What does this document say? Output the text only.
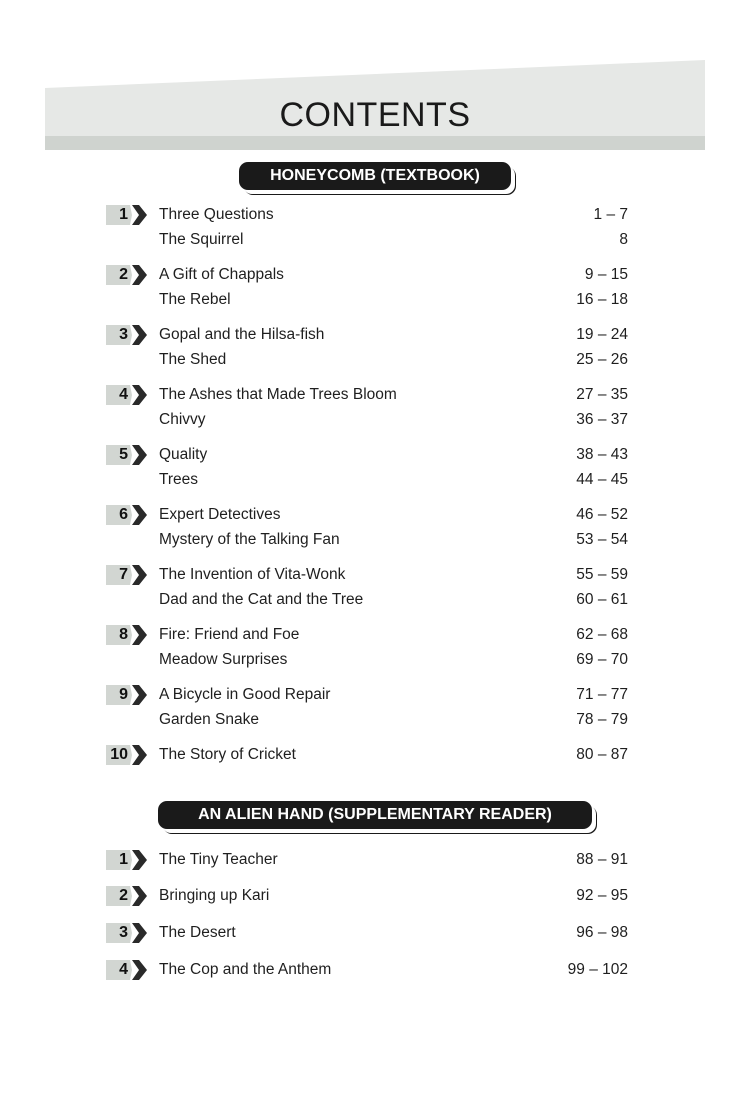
CONTENTS
HONEYCOMB (TEXTBOOK)
1 Three Questions	1 – 7
The Squirrel	8
2 A Gift of Chappals	9 – 15
The Rebel	16 – 18
3 Gopal and the Hilsa-fish	19 – 24
The Shed	25 – 26
4 The Ashes that Made Trees Bloom	27 – 35
Chivvy	36 – 37
5 Quality	38 – 43
Trees	44 – 45
6 Expert Detectives	46 – 52
Mystery of the Talking Fan	53 – 54
7 The Invention of Vita-Wonk	55 – 59
Dad and the Cat and the Tree	60 – 61
8 Fire: Friend and Foe	62 – 68
Meadow Surprises	69 – 70
9 A Bicycle in Good Repair	71 – 77
Garden Snake	78 – 79
10 The Story of Cricket	80 – 87
AN ALIEN HAND (SUPPLEMENTARY READER)
1 The Tiny Teacher	88 – 91
2 Bringing up Kari	92 – 95
3 The Desert	96 – 98
4 The Cop and the Anthem	99 – 102
